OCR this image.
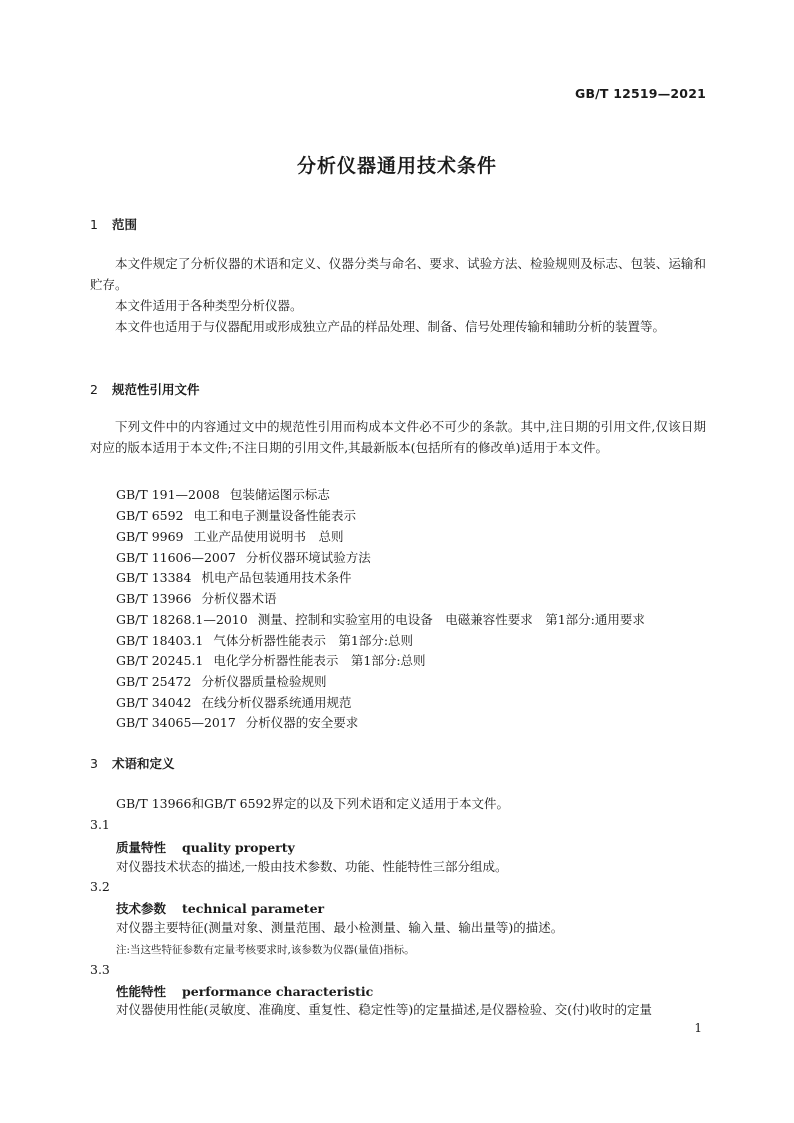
GB/T 12519—2021
分析仪器通用技术条件
1 范围
本文件规定了分析仪器的术语和定义、仪器分类与命名、要求、试验方法、检验规则及标志、包装、运输和贮存。
本文件适用于各种类型分析仪器。
本文件也适用于与仪器配用或形成独立产品的样品处理、制备、信号处理传输和辅助分析的装置等。
2 规范性引用文件
下列文件中的内容通过文中的规范性引用而构成本文件必不可少的条款。其中,注日期的引用文件,仅该日期对应的版本适用于本文件;不注日期的引用文件,其最新版本(包括所有的修改单)适用于本文件。
GB/T 191—2008 包装储运图示标志
GB/T 6592 电工和电子测量设备性能表示
GB/T 9969 工业产品使用说明书　总则
GB/T 11606—2007 分析仪器环境试验方法
GB/T 13384 机电产品包装通用技术条件
GB/T 13966 分析仪器术语
GB/T 18268.1—2010 测量、控制和实验室用的电设备　电磁兼容性要求　第1部分:通用要求
GB/T 18403.1 气体分析器性能表示　第1部分:总则
GB/T 20245.1 电化学分析器性能表示　第1部分:总则
GB/T 25472 分析仪器质量检验规则
GB/T 34042 在线分析仪器系统通用规范
GB/T 34065—2017 分析仪器的安全要求
3 术语和定义
GB/T 13966和GB/T 6592界定的以及下列术语和定义适用于本文件。
3.1
质量特性 quality property
对仪器技术状态的描述,一般由技术参数、功能、性能特性三部分组成。
3.2
技术参数 technical parameter
对仪器主要特征(测量对象、测量范围、最小检测量、输入量、输出量等)的描述。
注:当这些特征参数有定量考核要求时,该参数为仪器(量值)指标。
3.3
性能特性 performance characteristic
对仪器使用性能(灵敏度、准确度、重复性、稳定性等)的定量描述,是仪器检验、交(付)收时的定量
1
